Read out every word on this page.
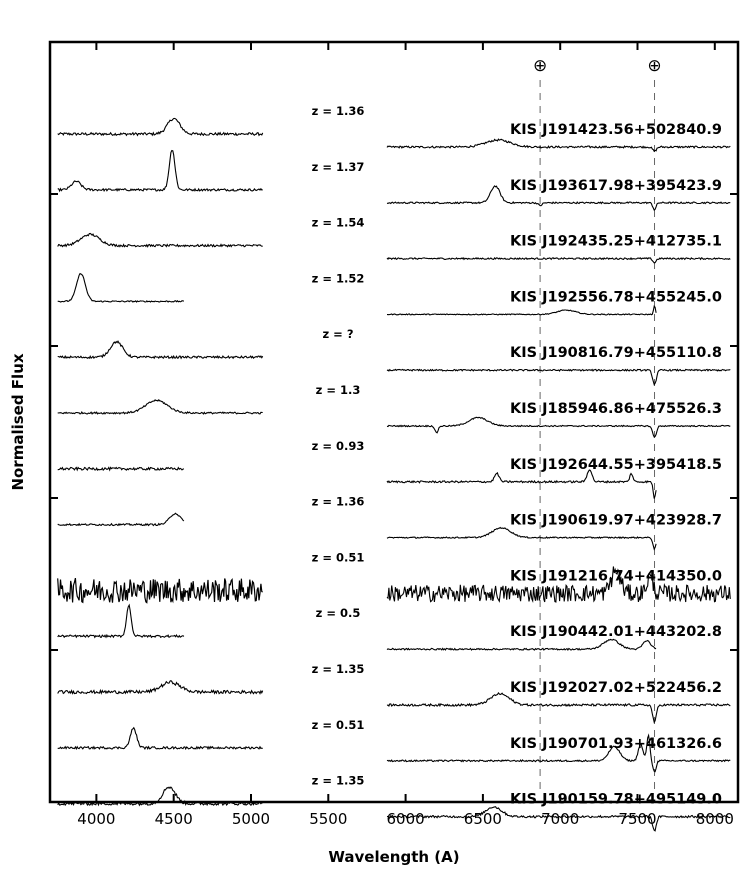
4000	4500	5000	5500	6000	6500	7000	7500	8000
⊕	⊕
z = 1.36
KIS J191423.56+502840.9
z = 1.37
KIS J193617.98+395423.9
z = 1.54
KIS J192435.25+412735.1
z = 1.52
KIS J192556.78+455245.0
z = ?
KIS J190816.79+455110.8
z = 1.3
KIS J185946.86+475526.3
z = 0.93
KIS J192644.55+395418.5
z = 1.36
KIS J190619.97+423928.7
z = 0.51
KIS J191216.74+414350.0
z = 0.5
KIS J190442.01+443202.8
z = 1.35
KIS J192027.02+522456.2
z = 0.51
KIS J190701.93+461326.6
z = 1.35
KIS J190159.78+495149.0
Wavelength (A)
Normalised Flux
